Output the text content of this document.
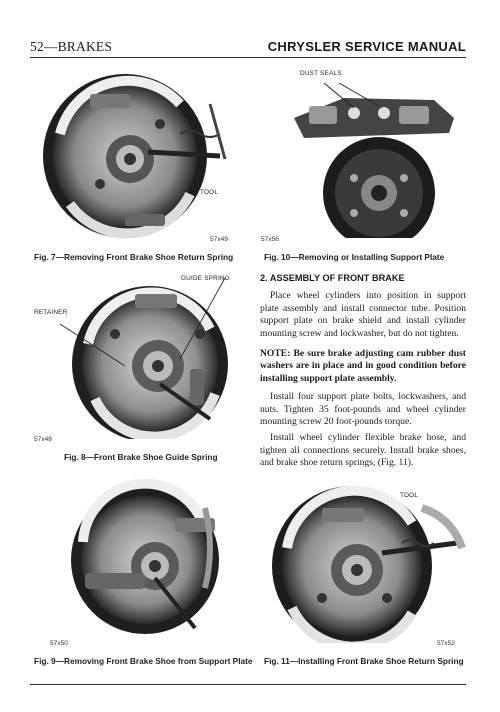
52—BRAKES	CHRYSLER SERVICE MANUAL
TOOL
57x49
Fig. 7—Removing Front Brake Shoe Return Spring
DUST SEALS
57x56
Fig. 10—Removing or Installing Support Plate

2. ASSEMBLY OF FRONT BRAKE

Place wheel cylinders into position in support plate assembly and install connector tube. Position support plate on brake shield and install cylinder mounting screw and lockwasher, but do not tighten.

NOTE: Be sure brake adjusting cam rubber dust washers are in place and in good condition before installing support plate assembly.

Install four support plate bolts, lockwashers, and nuts. Tighten 35 foot-pounds and wheel cylinder mounting screw 20 foot-pounds torque.

Install wheel cylinder flexible brake hose, and tighten all connections securely. Install brake shoes, and brake shoe return springs, (Fig. 11).

GUIDE SPRING
RETAINER
57x48
Fig. 8—Front Brake Shoe Guide Spring
57x50
Fig. 9—Removing Front Brake Shoe from Support Plate
TOOL
57x52
Fig. 11—Installing Front Brake Shoe Return Spring
